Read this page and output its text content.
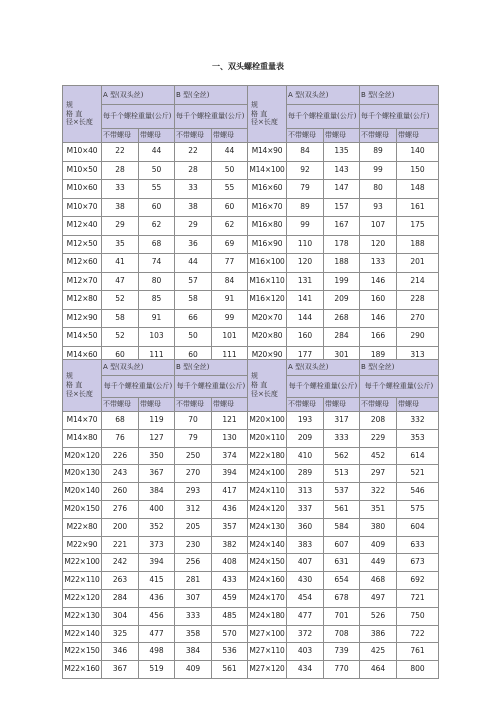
一、双头螺栓重量表
规
格 直
径×长度	A 型(双头丝)		B 型(全丝)		规
格 直
径×长度	A 型(双头丝)		B 型(全丝)	
	每千个螺栓重量(公斤)		每千个螺栓重量(公斤)			每千个螺栓重量(公斤)		每千个螺栓重量(公斤)	
	不带螺母	带螺母	不带螺母	带螺母		不带螺母	带螺母	不带螺母	带螺母
M10×40	22	44	22	44	M14×90	84	135	89	140
M10×50	28	50	28	50	M14×100	92	143	99	150
M10×60	33	55	33	55	M16×60	79	147	80	148
M10×70	38	60	38	60	M16×70	89	157	93	161
M12×40	29	62	29	62	M16×80	99	167	107	175
M12×50	35	68	36	69	M16×90	110	178	120	188
M12×60	41	74	44	77	M16×100	120	188	133	201
M12×70	47	80	57	84	M16×110	131	199	146	214
M12×80	52	85	58	91	M16×120	141	209	160	228
M12×90	58	91	66	99	M20×70	144	268	146	270
M14×50	52	103	50	101	M20×80	160	284	166	290
M14×60	60	111	60	111	M20×90	177	301	189	313
规
格 直
径×长度	A 型(双头丝)		B 型(全丝)		规
格 直
径×长度	A 型(双头丝)		B 型(全丝)	
	每千个螺栓重量(公斤)		每千个螺栓重量(公斤)			每千个螺栓重量(公斤)		每千个螺栓重量(公斤)	
	不带螺母	带螺母	不带螺母	带螺母		不带螺母	带螺母	不带螺母	带螺母
M14×70	68	119	70	121	M20×100	193	317	208	332
M14×80	76	127	79	130	M20×110	209	333	229	353
M20×120	226	350	250	374	M22×180	410	562	452	614
M20×130	243	367	270	394	M24×100	289	513	297	521
M20×140	260	384	293	417	M24×110	313	537	322	546
M20×150	276	400	312	436	M24×120	337	561	351	575
M22×80	200	352	205	357	M24×130	360	584	380	604
M22×90	221	373	230	382	M24×140	383	607	409	633
M22×100	242	394	256	408	M24×150	407	631	449	673
M22×110	263	415	281	433	M24×160	430	654	468	692
M22×120	284	436	307	459	M24×170	454	678	497	721
M22×130	304	456	333	485	M24×180	477	701	526	750
M22×140	325	477	358	570	M27×100	372	708	386	722
M22×150	346	498	384	536	M27×110	403	739	425	761
M22×160	367	519	409	561	M27×120	434	770	464	800
